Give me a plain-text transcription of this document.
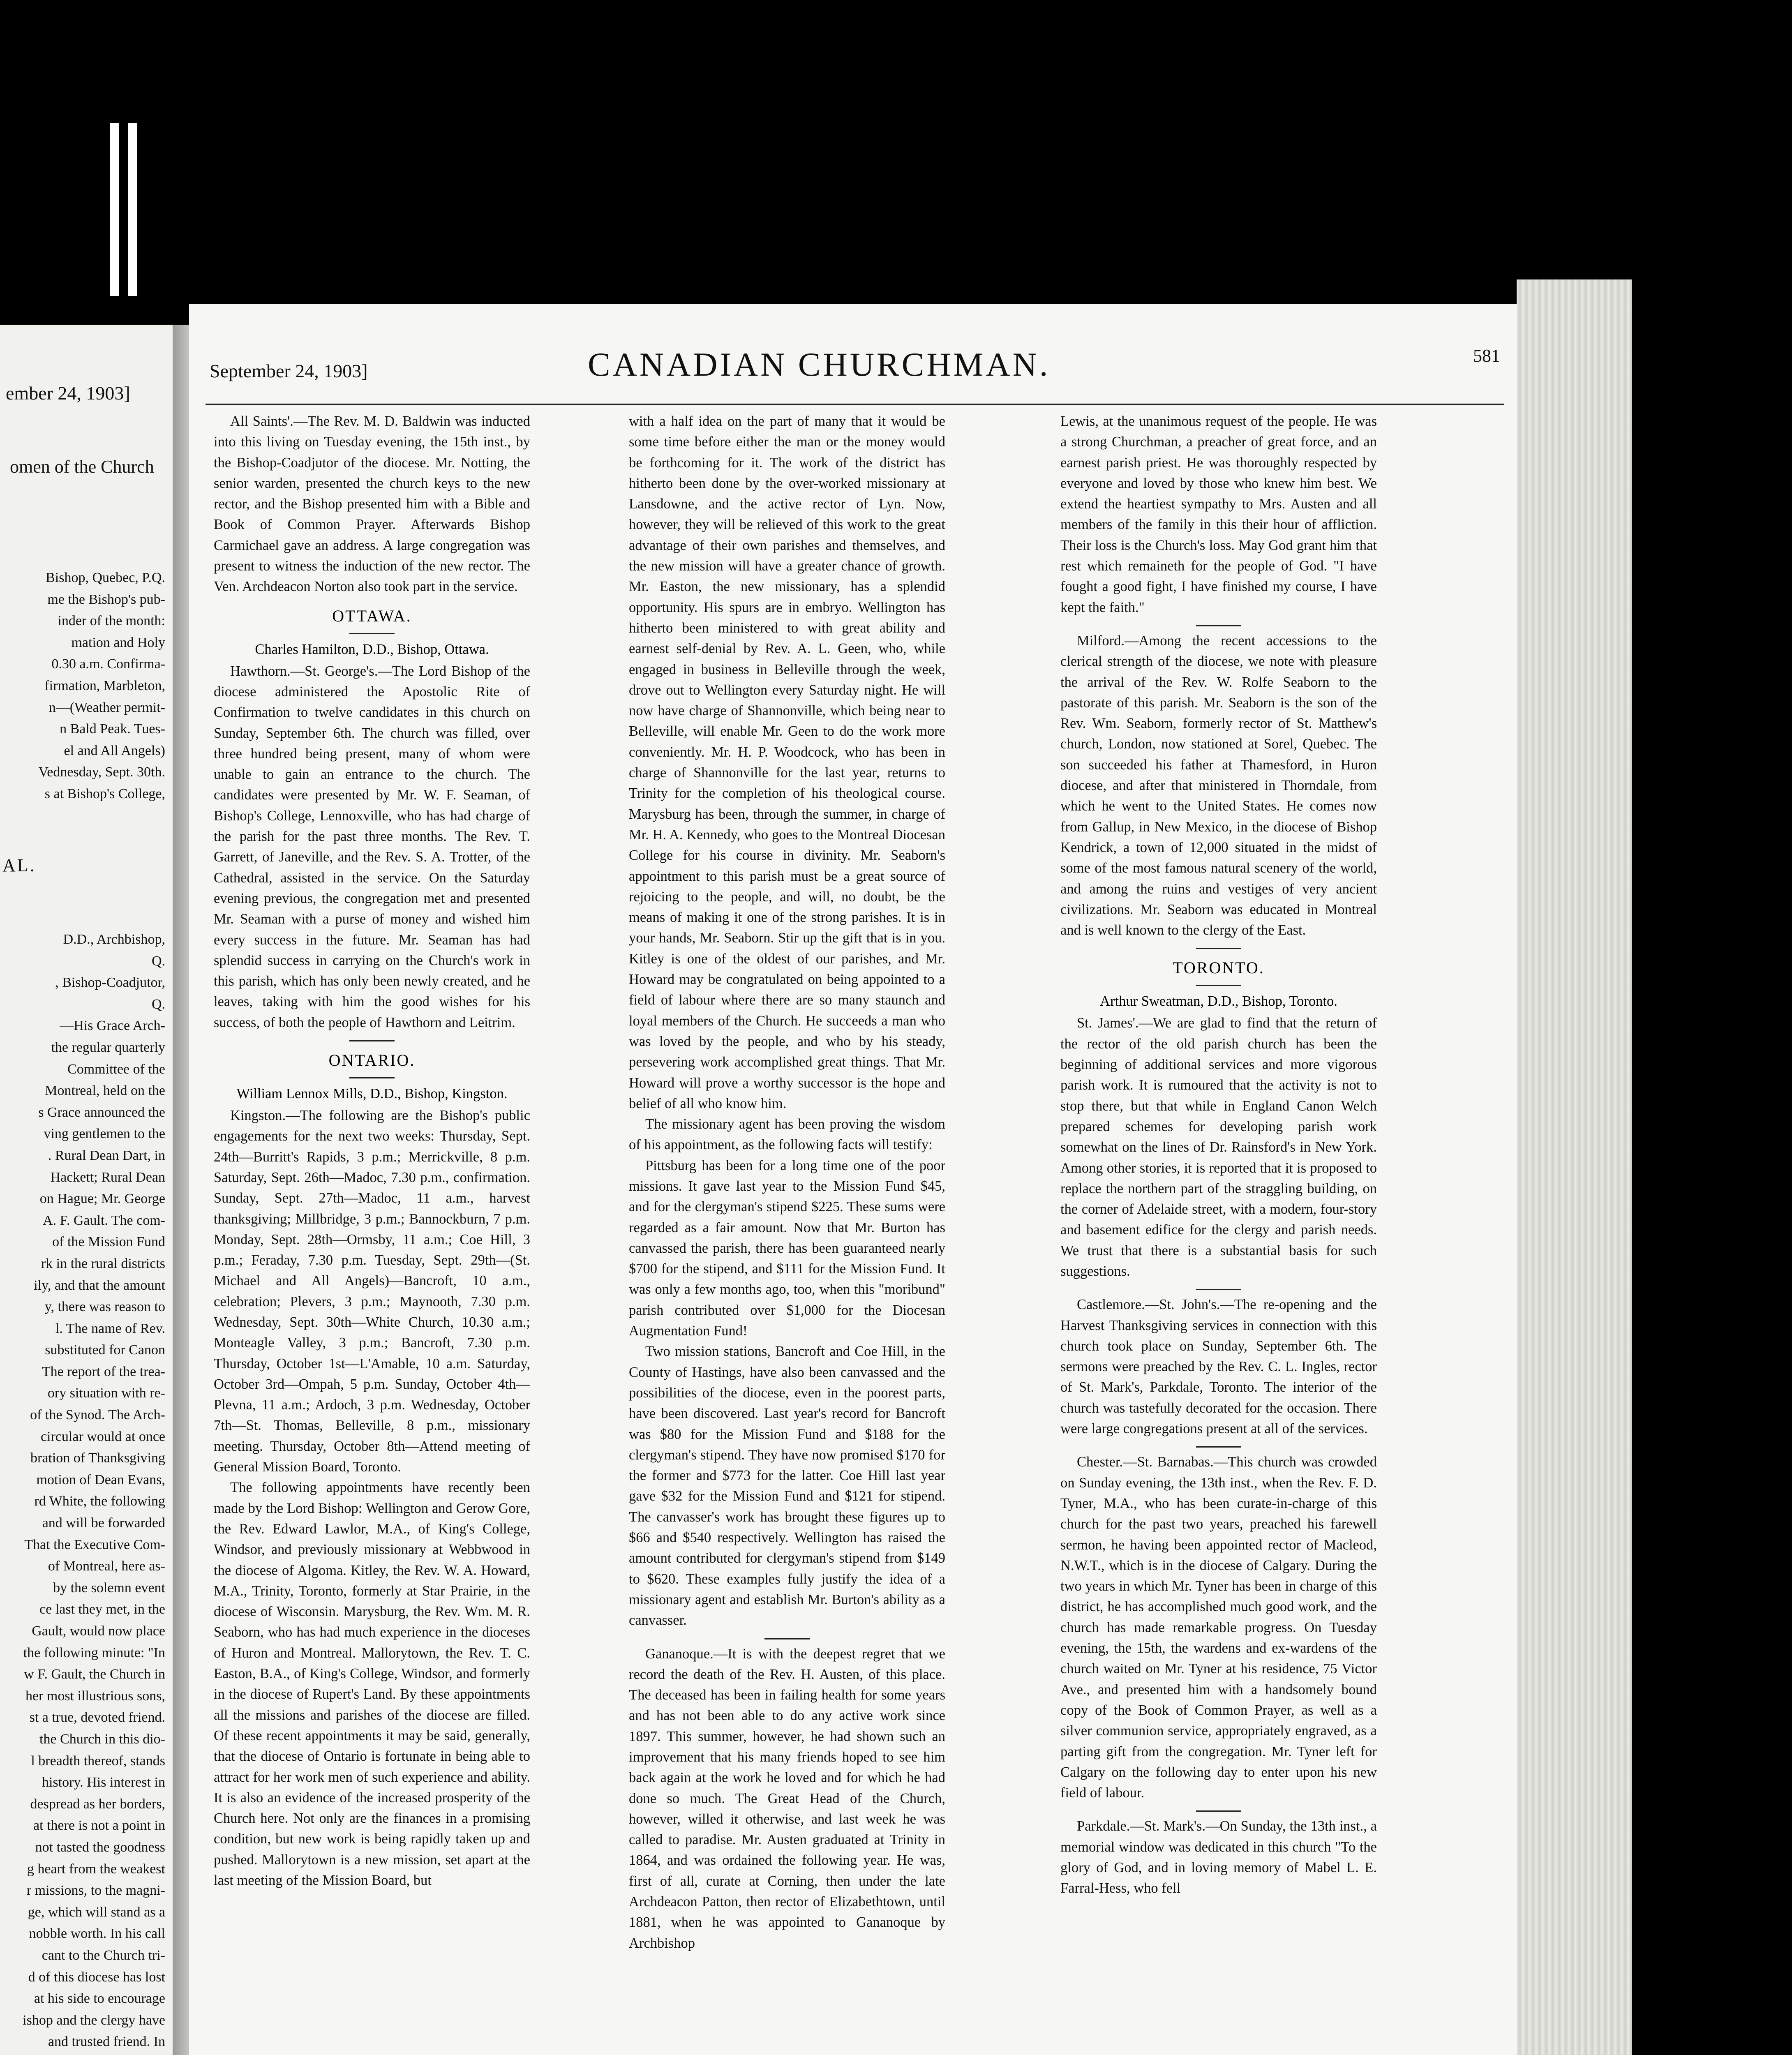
ember 24, 1903]
omen of the Church
Bishop, Quebec, P.Q.
me the Bishop's pub-
inder of the month:
mation and Holy
0.30 a.m. Confirma-
firmation, Marbleton,
n—(Weather permit-
n Bald Peak. Tues-
el and All Angels)
Vednesday, Sept. 30th.
s at Bishop's College,
AL.
D.D., Archbishop,
Q.
, Bishop-Coadjutor,
Q.
—His Grace Arch-
the regular quarterly
Committee of the
Montreal, held on the
s Grace announced the
ving gentlemen to the
. Rural Dean Dart, in
Hackett; Rural Dean
on Hague; Mr. George
A. F. Gault. The com-
of the Mission Fund
rk in the rural districts
ily, and that the amount
y, there was reason to
l. The name of Rev.
substituted for Canon
The report of the trea-
ory situation with re-
of the Synod. The Arch-
circular would at once
bration of Thanksgiving
motion of Dean Evans,
rd White, the following
and will be forwarded
That the Executive Com-
of Montreal, here as-
by the solemn event
ce last they met, in the
Gault, would now place
the following minute: "In
w F. Gault, the Church in
her most illustrious sons,
st a true, devoted friend.
the Church in this dio-
l breadth thereof, stands
history. His interest in
despread as her borders,
at there is not a point in
not tasted the goodness
g heart from the weakest
r missions, to the magni-
ge, which will stand as a
nobble worth. In his call
cant to the Church tri-
d of this diocese has lost
at his side to encourage
ishop and the clergy have
and trusted friend. In
September 24, 1903]	CANADIAN CHURCHMAN.	581

All Saints'.—The Rev. M. D. Baldwin was inducted into this living on Tuesday evening, the 15th inst., by the Bishop-Coadjutor of the diocese. Mr. Notting, the senior warden, presented the church keys to the new rector, and the Bishop presented him with a Bible and Book of Common Prayer. Afterwards Bishop Carmichael gave an address. A large congregation was present to witness the induction of the new rector. The Ven. Archdeacon Norton also took part in the service.

OTTAWA.
Charles Hamilton, D.D., Bishop, Ottawa.

Hawthorn.—St. George's.—The Lord Bishop of the diocese administered the Apostolic Rite of Confirmation to twelve candidates in this church on Sunday, September 6th. The church was filled, over three hundred being present, many of whom were unable to gain an entrance to the church. The candidates were presented by Mr. W. F. Seaman, of Bishop's College, Lennoxville, who has had charge of the parish for the past three months. The Rev. T. Garrett, of Janeville, and the Rev. S. A. Trotter, of the Cathedral, assisted in the service. On the Saturday evening previous, the congregation met and presented Mr. Seaman with a purse of money and wished him every success in the future. Mr. Seaman has had splendid success in carrying on the Church's work in this parish, which has only been newly created, and he leaves, taking with him the good wishes for his success, of both the people of Hawthorn and Leitrim.

ONTARIO.
William Lennox Mills, D.D., Bishop, Kingston.

Kingston.—The following are the Bishop's public engagements for the next two weeks: Thursday, Sept. 24th—Burritt's Rapids, 3 p.m.; Merrickville, 8 p.m. Saturday, Sept. 26th—Madoc, 7.30 p.m., confirmation. Sunday, Sept. 27th—Madoc, 11 a.m., harvest thanksgiving; Millbridge, 3 p.m.; Bannockburn, 7 p.m. Monday, Sept. 28th—Ormsby, 11 a.m.; Coe Hill, 3 p.m.; Feraday, 7.30 p.m. Tuesday, Sept. 29th—(St. Michael and All Angels)—Bancroft, 10 a.m., celebration; Plevers, 3 p.m.; Maynooth, 7.30 p.m. Wednesday, Sept. 30th—White Church, 10.30 a.m.; Monteagle Valley, 3 p.m.; Bancroft, 7.30 p.m. Thursday, October 1st—L'Amable, 10 a.m. Saturday, October 3rd—Ompah, 5 p.m. Sunday, October 4th—Plevna, 11 a.m.; Ardoch, 3 p.m. Wednesday, October 7th—St. Thomas, Belleville, 8 p.m., missionary meeting. Thursday, October 8th—Attend meeting of General Mission Board, Toronto.

The following appointments have recently been made by the Lord Bishop: Wellington and Gerow Gore, the Rev. Edward Lawlor, M.A., of King's College, Windsor, and previously missionary at Webbwood in the diocese of Algoma. Kitley, the Rev. W. A. Howard, M.A., Trinity, Toronto, formerly at Star Prairie, in the diocese of Wisconsin. Marysburg, the Rev. Wm. M. R. Seaborn, who has had much experience in the dioceses of Huron and Montreal. Mallorytown, the Rev. T. C. Easton, B.A., of King's College, Windsor, and formerly in the diocese of Rupert's Land. By these appointments all the missions and parishes of the diocese are filled. Of these recent appointments it may be said, generally, that the diocese of Ontario is fortunate in being able to attract for her work men of such experience and ability. It is also an evidence of the increased prosperity of the Church here. Not only are the finances in a promising condition, but new work is being rapidly taken up and pushed. Mallorytown is a new mission, set apart at the last meeting of the Mission Board, but

with a half idea on the part of many that it would be some time before either the man or the money would be forthcoming for it. The work of the district has hitherto been done by the over-worked missionary at Lansdowne, and the active rector of Lyn. Now, however, they will be relieved of this work to the great advantage of their own parishes and themselves, and the new mission will have a greater chance of growth. Mr. Easton, the new missionary, has a splendid opportunity. His spurs are in embryo. Wellington has hitherto been ministered to with great ability and earnest self-denial by Rev. A. L. Geen, who, while engaged in business in Belleville through the week, drove out to Wellington every Saturday night. He will now have charge of Shannonville, which being near to Belleville, will enable Mr. Geen to do the work more conveniently. Mr. H. P. Woodcock, who has been in charge of Shannonville for the last year, returns to Trinity for the completion of his theological course. Marysburg has been, through the summer, in charge of Mr. H. A. Kennedy, who goes to the Montreal Diocesan College for his course in divinity. Mr. Seaborn's appointment to this parish must be a great source of rejoicing to the people, and will, no doubt, be the means of making it one of the strong parishes. It is in your hands, Mr. Seaborn. Stir up the gift that is in you. Kitley is one of the oldest of our parishes, and Mr. Howard may be congratulated on being appointed to a field of labour where there are so many staunch and loyal members of the Church. He succeeds a man who was loved by the people, and who by his steady, persevering work accomplished great things. That Mr. Howard will prove a worthy successor is the hope and belief of all who know him.

The missionary agent has been proving the wisdom of his appointment, as the following facts will testify:

Pittsburg has been for a long time one of the poor missions. It gave last year to the Mission Fund $45, and for the clergyman's stipend $225. These sums were regarded as a fair amount. Now that Mr. Burton has canvassed the parish, there has been guaranteed nearly $700 for the stipend, and $111 for the Mission Fund. It was only a few months ago, too, when this "moribund" parish contributed over $1,000 for the Diocesan Augmentation Fund!

Two mission stations, Bancroft and Coe Hill, in the County of Hastings, have also been canvassed and the possibilities of the diocese, even in the poorest parts, have been discovered. Last year's record for Bancroft was $80 for the Mission Fund and $188 for the clergyman's stipend. They have now promised $170 for the former and $773 for the latter. Coe Hill last year gave $32 for the Mission Fund and $121 for stipend. The canvasser's work has brought these figures up to $66 and $540 respectively. Wellington has raised the amount contributed for clergyman's stipend from $149 to $620. These examples fully justify the idea of a missionary agent and establish Mr. Burton's ability as a canvasser.

Gananoque.—It is with the deepest regret that we record the death of the Rev. H. Austen, of this place. The deceased has been in failing health for some years and has not been able to do any active work since 1897. This summer, however, he had shown such an improvement that his many friends hoped to see him back again at the work he loved and for which he had done so much. The Great Head of the Church, however, willed it otherwise, and last week he was called to paradise. Mr. Austen graduated at Trinity in 1864, and was ordained the following year. He was, first of all, curate at Corning, then under the late Archdeacon Patton, then rector of Elizabethtown, until 1881, when he was appointed to Gananoque by Archbishop

Lewis, at the unanimous request of the people. He was a strong Churchman, a preacher of great force, and an earnest parish priest. He was thoroughly respected by everyone and loved by those who knew him best. We extend the heartiest sympathy to Mrs. Austen and all members of the family in this their hour of affliction. Their loss is the Church's loss. May God grant him that rest which remaineth for the people of God. "I have fought a good fight, I have finished my course, I have kept the faith."

Milford.—Among the recent accessions to the clerical strength of the diocese, we note with pleasure the arrival of the Rev. W. Rolfe Seaborn to the pastorate of this parish. Mr. Seaborn is the son of the Rev. Wm. Seaborn, formerly rector of St. Matthew's church, London, now stationed at Sorel, Quebec. The son succeeded his father at Thamesford, in Huron diocese, and after that ministered in Thorndale, from which he went to the United States. He comes now from Gallup, in New Mexico, in the diocese of Bishop Kendrick, a town of 12,000 situated in the midst of some of the most famous natural scenery of the world, and among the ruins and vestiges of very ancient civilizations. Mr. Seaborn was educated in Montreal and is well known to the clergy of the East.

TORONTO.
Arthur Sweatman, D.D., Bishop, Toronto.

St. James'.—We are glad to find that the return of the rector of the old parish church has been the beginning of additional services and more vigorous parish work. It is rumoured that the activity is not to stop there, but that while in England Canon Welch prepared schemes for developing parish work somewhat on the lines of Dr. Rainsford's in New York. Among other stories, it is reported that it is proposed to replace the northern part of the straggling building, on the corner of Adelaide street, with a modern, four-story and basement edifice for the clergy and parish needs. We trust that there is a substantial basis for such suggestions.

Castlemore.—St. John's.—The re-opening and the Harvest Thanksgiving services in connection with this church took place on Sunday, September 6th. The sermons were preached by the Rev. C. L. Ingles, rector of St. Mark's, Parkdale, Toronto. The interior of the church was tastefully decorated for the occasion. There were large congregations present at all of the services.

Chester.—St. Barnabas.—This church was crowded on Sunday evening, the 13th inst., when the Rev. F. D. Tyner, M.A., who has been curate-in-charge of this church for the past two years, preached his farewell sermon, he having been appointed rector of Macleod, N.W.T., which is in the diocese of Calgary. During the two years in which Mr. Tyner has been in charge of this district, he has accomplished much good work, and the church has made remarkable progress. On Tuesday evening, the 15th, the wardens and ex-wardens of the church waited on Mr. Tyner at his residence, 75 Victor Ave., and presented him with a handsomely bound copy of the Book of Common Prayer, as well as a silver communion service, appropriately engraved, as a parting gift from the congregation. Mr. Tyner left for Calgary on the following day to enter upon his new field of labour.

Parkdale.—St. Mark's.—On Sunday, the 13th inst., a memorial window was dedicated in this church "To the glory of God, and in loving memory of Mabel L. E. Farral-Hess, who fell
